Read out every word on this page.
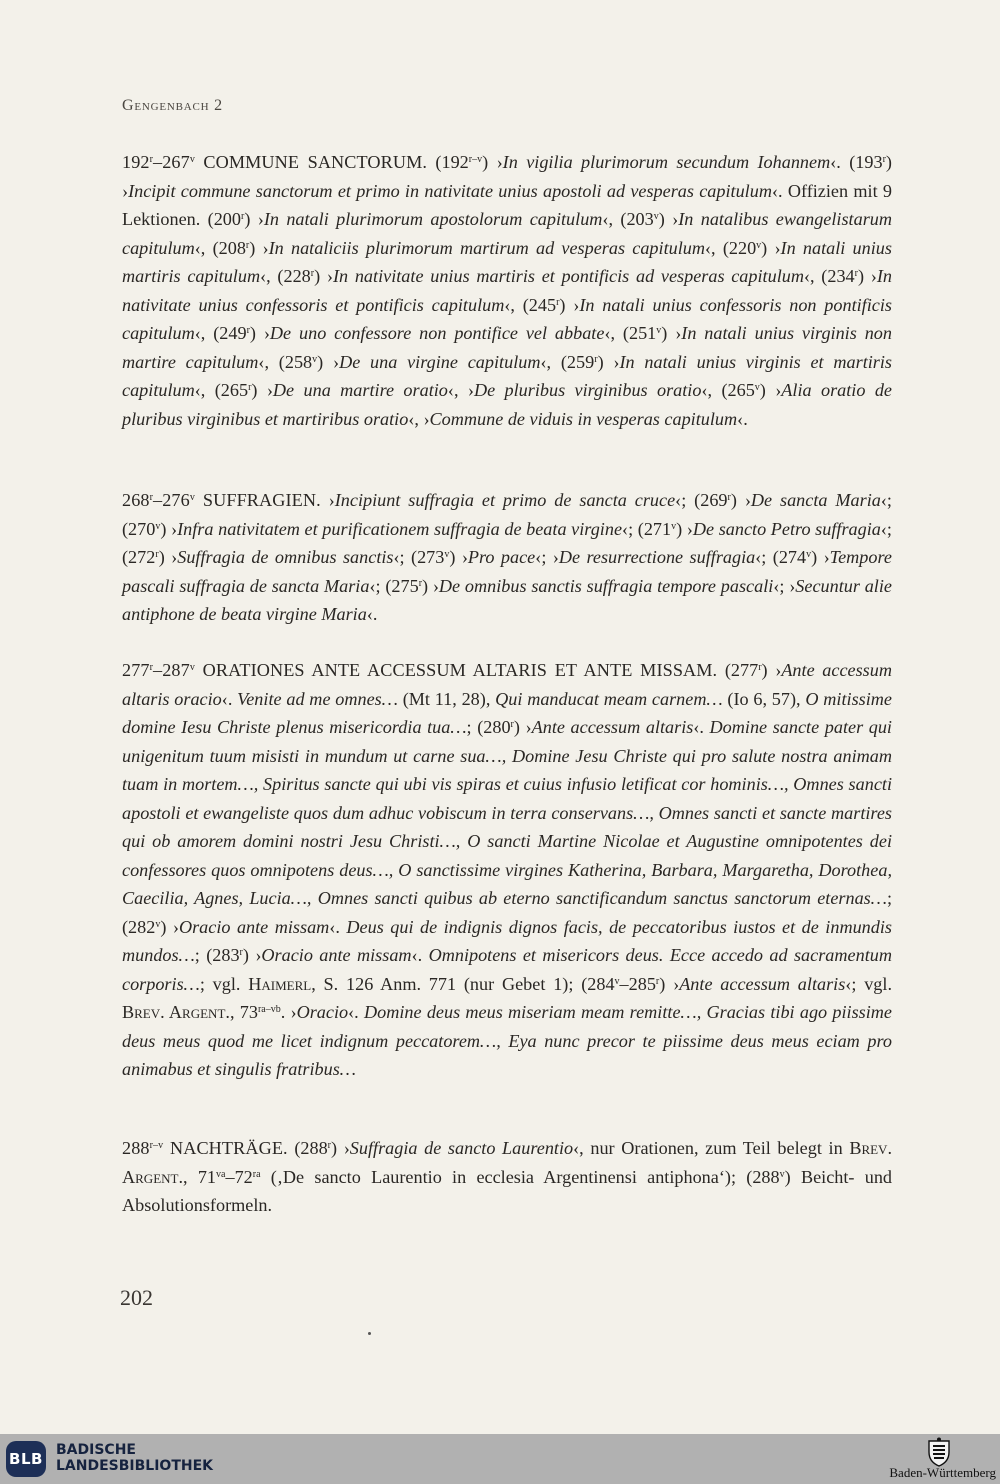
Gengenbach 2
192$^r$–267$^v$ COMMUNE SANCTORUM. (192$^{r-v}$) ›In vigilia plurimorum secundum Iohannem‹. (193$^r$) ›Incipit commune sanctorum et primo in nativitate unius apostoli ad vesperas capitulum‹. Offizien mit 9 Lektionen. (200$^r$) ›In natali plurimorum apostolorum capitulum‹, (203$^v$) ›In natalibus ewangelistarum capitulum‹, (208$^r$) ›In nataliciis plurimorum martirum ad vesperas capitulum‹, (220$^v$) ›In natali unius martiris capitulum‹, (228$^r$) ›In nativitate unius martiris et pontificis ad vesperas capitulum‹, (234$^r$) ›In nativitate unius confessoris et pontificis capitulum‹, (245$^r$) ›In natali unius confessoris non pontificis capitulum‹, (249$^r$) ›De uno confessore non pontifice vel abbate‹, (251$^v$) ›In natali unius virginis non martire capitulum‹, (258$^v$) ›De una virgine capitulum‹, (259$^r$) ›In natali unius virginis et martiris capitulum‹, (265$^r$) ›De una martire oratio‹, ›De pluribus virginibus oratio‹, (265$^v$) ›Alia oratio de pluribus virginibus et martiribus oratio‹, ›Commune de viduis in vesperas capitulum‹.
268$^r$–276$^v$ SUFFRAGIEN. ›Incipiunt suffragia et primo de sancta cruce‹; (269$^r$) ›De sancta Maria‹; (270$^v$) ›Infra nativitatem et purificationem suffragia de beata virgine‹; (271$^v$) ›De sancto Petro suffragia‹; (272$^r$) ›Suffragia de omnibus sanctis‹; (273$^v$) ›Pro pace‹; ›De resurrectione suffragia‹; (274$^v$) ›Tempore pascali suffragia de sancta Maria‹; (275$^r$) ›De omnibus sanctis suffragia tempore pascali‹; ›Secuntur alie antiphone de beata virgine Maria‹.
277$^r$–287$^v$ ORATIONES ANTE ACCESSUM ALTARIS ET ANTE MISSAM. (277$^r$) ›Ante accessum altaris oracio‹. Venite ad me omnes… (Mt 11, 28), Qui manducat meam carnem… (Io 6, 57), O mitissime domine Iesu Christe plenus misericordia tua…; (280$^r$) ›Ante accessum altaris‹. Domine sancte pater qui unigenitum tuum misisti in mundum ut carne sua…, Domine Jesu Christe qui pro salute nostra animam tuam in mortem…, Spiritus sancte qui ubi vis spiras et cuius infusio letificat cor hominis…, Omnes sancti apostoli et ewangeliste quos dum adhuc vobiscum in terra conservans…, Omnes sancti et sancte martires qui ob amorem domini nostri Jesu Christi…, O sancti Martine Nicolae et Augustine omnipotentes dei confessores quos omnipotens deus…, O sanctissime virgines Katherina, Barbara, Margaretha, Dorothea, Caecilia, Agnes, Lucia…, Omnes sancti quibus ab eterno sanctificandum sanctus sanctorum eternas…; (282$^v$) ›Oracio ante missam‹. Deus qui de indignis dignos facis, de peccatoribus iustos et de inmundis mundos…; (283$^r$) ›Oracio ante missam‹. Omnipotens et misericors deus. Ecce accedo ad sacramentum corporis…; vgl. Haimerl, S. 126 Anm. 771 (nur Gebet 1); (284$^v$–285$^r$) ›Ante accessum altaris‹; vgl. Brev. Argent., $73^{ra-vb}$. ›Oracio‹. Domine deus meus miseriam meam remitte…, Gracias tibi ago piissime deus meus quod me licet indignum peccatorem…, Eya nunc precor te piissime deus meus eciam pro animabus et singulis fratribus…
288$^{r-v}$ NACHTRÄGE. (288$^r$) ›Suffragia de sancto Laurentio‹, nur Orationen, zum Teil belegt in Brev. Argent., $71^{va}-72^{ra}$ (‚De sancto Laurentio in ecclesia Argentinensi antiphona‘); (288$^v$) Beicht- und Absolutionsformeln.
202
BLB BADISCHE
LANDESBIBLIOTHEK	Baden-Württemberg
